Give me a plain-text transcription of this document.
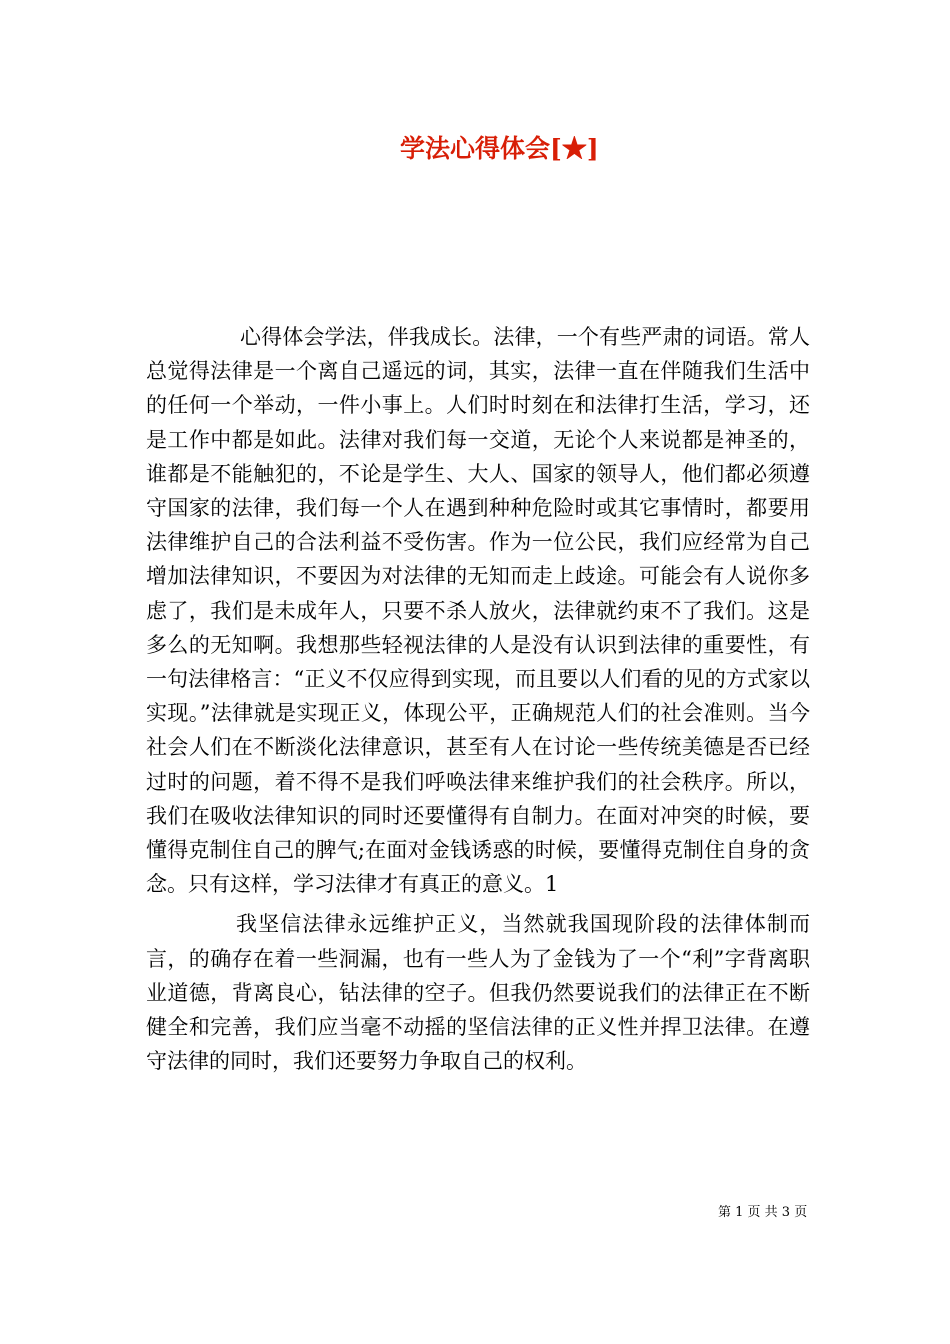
学法心得体会[★]

心得体会学法，伴我成长。法律，一个有些严肃的词语。常人总觉得法律是一个离自己遥远的词，其实，法律一直在伴随我们生活中的任何一个举动，一件小事上。人们时时刻在和法律打生活，学习，还是工作中都是如此。法律对我们每一交道，无论个人来说都是神圣的，谁都是不能触犯的，不论是学生、大人、国家的领导人，他们都必须遵守国家的法律，我们每一个人在遇到种种危险时或其它事情时，都要用法律维护自己的合法利益不受伤害。作为一位公民，我们应经常为自己增加法律知识，不要因为对法律的无知而走上歧途。可能会有人说你多虑了，我们是未成年人，只要不杀人放火，法律就约束不了我们。这是多么的无知啊。我想那些轻视法律的人是没有认识到法律的重要性，有一句法律格言：“正义不仅应得到实现，而且要以人们看的见的方式家以实现。”法律就是实现正义，体现公平，正确规范人们的社会准则。当今社会人们在不断淡化法律意识，甚至有人在讨论一些传统美德是否已经过时的问题，着不得不是我们呼唤法律来维护我们的社会秩序。所以，我们在吸收法律知识的同时还要懂得有自制力。在面对冲突的时候，要懂得克制住自己的脾气;在面对金钱诱惑的时候，要懂得克制住自身的贪念。只有这样，学习法律才有真正的意义。1

我坚信法律永远维护正义，当然就我国现阶段的法律体制而言，的确存在着一些洞漏，也有一些人为了金钱为了一个“利”字背离职业道德，背离良心，钻法律的空子。但我仍然要说我们的法律正在不断健全和完善，我们应当毫不动摇的坚信法律的正义性并捍卫法律。在遵守法律的同时，我们还要努力争取自己的权利。

第 1 页 共 3 页
